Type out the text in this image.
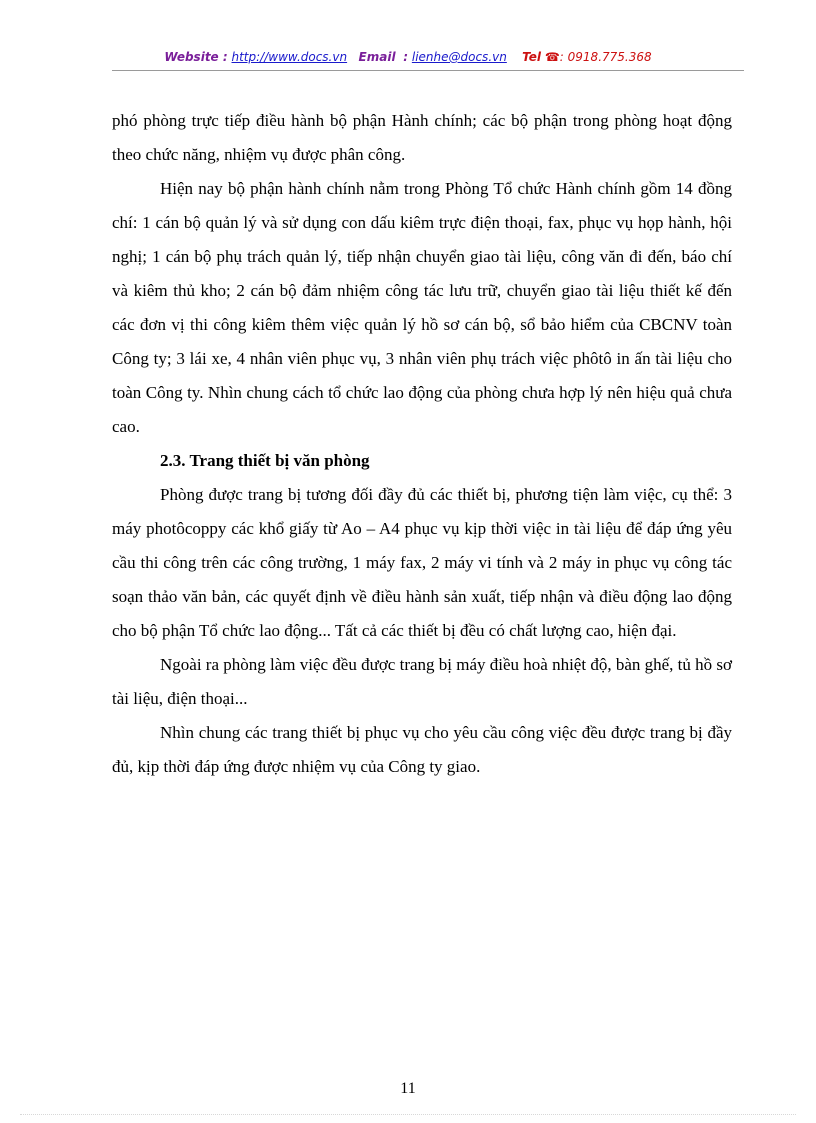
Website : http://www.docs.vn Email : lienhe@docs.vn Tel ☎: 0918.775.368

phó phòng trực tiếp điều hành bộ phận Hành chính; các bộ phận trong phòng hoạt động theo chức năng, nhiệm vụ được phân công.

Hiện nay bộ phận hành chính nằm trong Phòng Tổ chức Hành chính gồm 14 đồng chí: 1 cán bộ quản lý và sử dụng con dấu kiêm trực điện thoại, fax, phục vụ họp hành, hội nghị; 1 cán bộ phụ trách quản lý, tiếp nhận chuyển giao tài liệu, công văn đi đến, báo chí và kiêm thủ kho; 2 cán bộ đảm nhiệm công tác lưu trữ, chuyển giao tài liệu thiết kế đến các đơn vị thi công kiêm thêm việc quản lý hồ sơ cán bộ, sổ bảo hiểm của CBCNV toàn Công ty; 3 lái xe, 4 nhân viên phục vụ, 3 nhân viên phụ trách việc phôtô in ấn tài liệu cho toàn Công ty. Nhìn chung cách tổ chức lao động của phòng chưa hợp lý nên hiệu quả chưa cao.

2.3. Trang thiết bị văn phòng

Phòng được trang bị tương đối đầy đủ các thiết bị, phương tiện làm việc, cụ thể: 3 máy photôcoppy các khổ giấy từ Ao – A4 phục vụ kịp thời việc in tài liệu để đáp ứng yêu cầu thi công trên các công trường, 1 máy fax, 2 máy vi tính và 2 máy in phục vụ công tác soạn thảo văn bản, các quyết định về điều hành sản xuất, tiếp nhận và điều động lao động cho bộ phận Tổ chức lao động... Tất cả các thiết bị đều có chất lượng cao, hiện đại.

Ngoài ra phòng làm việc đều được trang bị máy điều hoà nhiệt độ, bàn ghế, tủ hồ sơ tài liệu, điện thoại...

Nhìn chung các trang thiết bị phục vụ cho yêu cầu công việc đều được trang bị đầy đủ, kịp thời đáp ứng được nhiệm vụ của Công ty giao.

11
